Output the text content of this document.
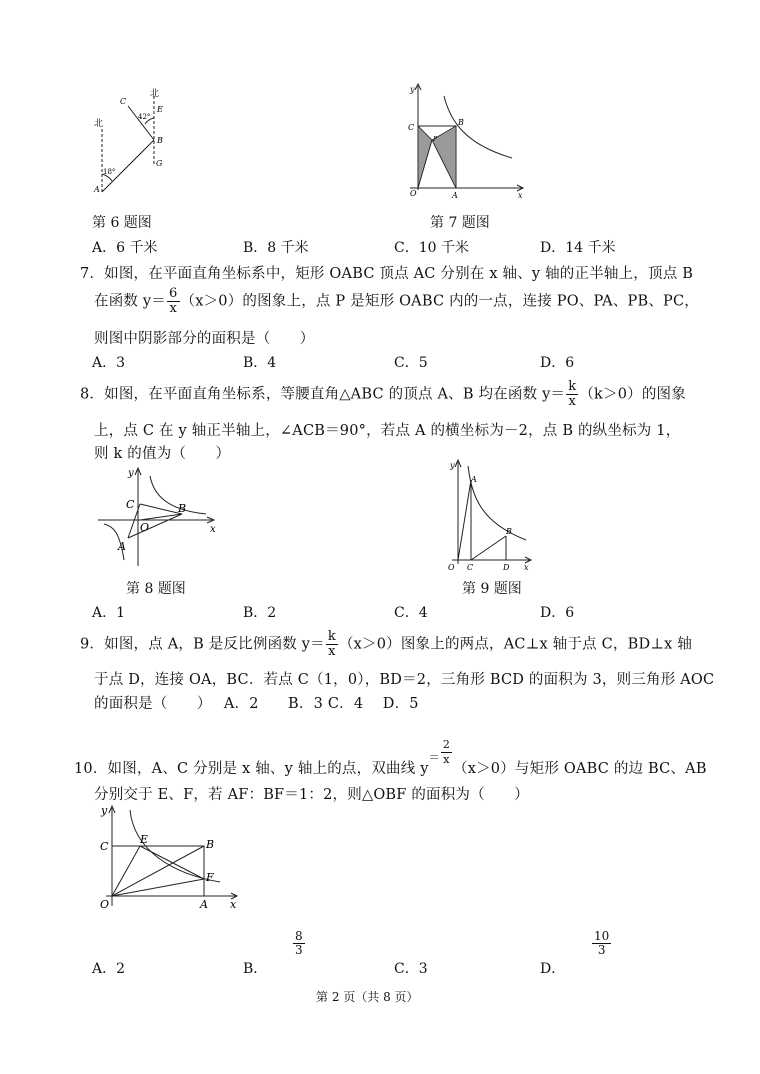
北
北
C
E
B
G
A
42°
18°
第 6 题图
y
C
B
P
O	A	x
第 7 题图
A．6 千米	B．8 千米	C．10 千米	D．14 千米
7．如图，在平面直角坐标系中，矩形 OABC 顶点 AC 分别在 x 轴、y 轴的正半轴上，顶点 B
在函数 $y= \frac{6}{x} (x>0)$的图象上，点 P 是矩形 OABC 内的一点，连接 PO、PA、PB、PC，
则图中阴影部分的面积是（　　）
A．3	B．4	C．5	D．6
8．如图，在平面直角坐标系，等腰直角△ABC 的顶点 A、B 均在函数 $y= \frac{k}{x} (k>0)$的图象
上，点 C 在 y 轴正半轴上，∠ACB＝90°，若点 A 的横坐标为－2，点 B 的纵坐标为 1，
则 k 的值为（　　）
y
C	B
O
A
x
第 8 题图
y
A
B
O C	D x
第 9 题图
A．1	B．2	C．4	D．6
9．如图，点 A，B 是反比例函数 $y= \frac{k}{x} (x>0)$图象上的两点，AC⊥x 轴于点 C，BD⊥x 轴
于点 D，连接 OA，BC．若点 C（1，0），BD＝2，三角形 BCD 的面积为 3，则三角形 AOC
的面积是（　　）　 A．2　　B．3 C．4　 D．5
10．如图，A、C 分别是 x 轴、y 轴上的点，双曲线 $y^= \frac{2}{x}$
（x＞0）与矩形 OABC 的边 BC、AB
分别交于 E、F，若 AF：BF＝1：2，则△OBF 的面积为（　　）
y
C
E	B
F
O	A x
A．2	B．
$\frac{8}{3}$
C．3	D．
$\frac{10}{3}$
第 2 页（共 8 页）
